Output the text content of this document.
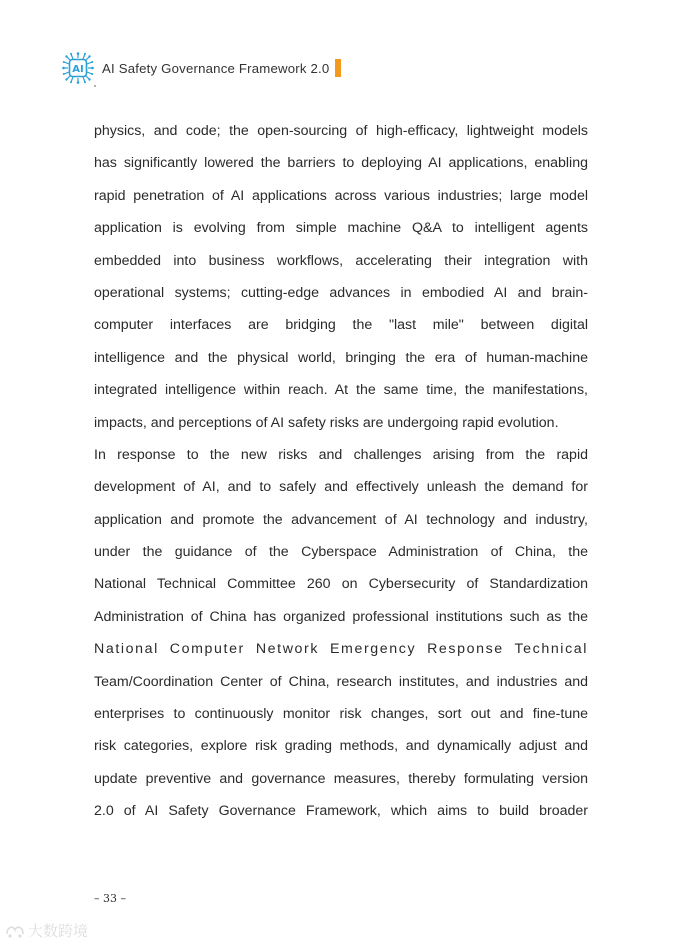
AI AI Safety Governance Framework 2.0
physics, and code; the open-sourcing of high-efficacy, lightweight models
has significantly lowered the barriers to deploying AI applications, enabling
rapid penetration of AI applications across various industries; large model
application is evolving from simple machine Q&A to intelligent agents
embedded into business workflows, accelerating their integration with
operational systems; cutting-edge advances in embodied AI and brain-
computer interfaces are bridging the "last mile" between digital
intelligence and the physical world, bringing the era of human-machine
integrated intelligence within reach. At the same time, the manifestations,
impacts, and perceptions of AI safety risks are undergoing rapid evolution.
In response to the new risks and challenges arising from the rapid
development of AI, and to safely and effectively unleash the demand for
application and promote the advancement of AI technology and industry,
under the guidance of the Cyberspace Administration of China, the
National Technical Committee 260 on Cybersecurity of Standardization
Administration of China has organized professional institutions such as the
National Computer Network Emergency Response Technical
Team/Coordination Center of China, research institutes, and industries and
enterprises to continuously monitor risk changes, sort out and fine-tune
risk categories, explore risk grading methods, and dynamically adjust and
update preventive and governance measures, thereby formulating version
2.0 of AI Safety Governance Framework, which aims to build broader
– 33 –
大数跨境
